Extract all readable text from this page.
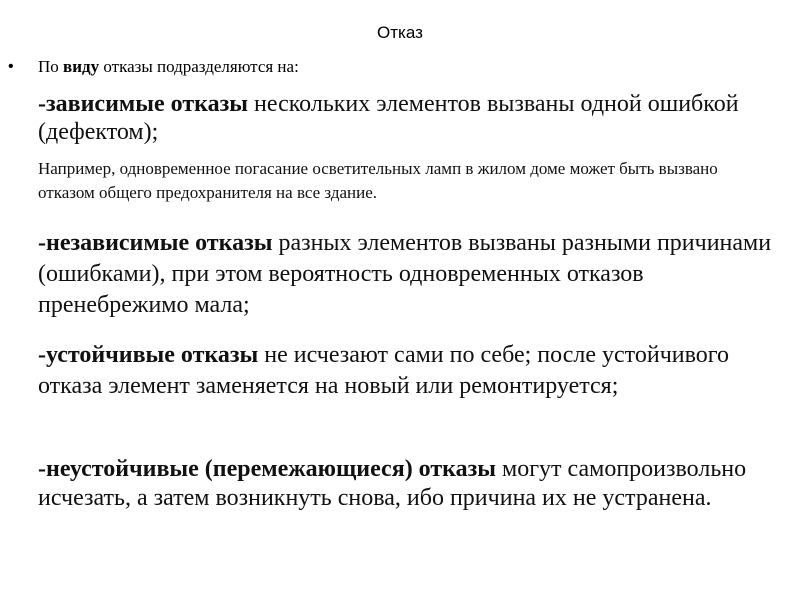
Отказ
• По виду отказы подразделяются на:
-зависимые отказы нескольких элементов вызваны одной ошибкой (дефектом);
Например, одновременное погасание осветительных ламп в жилом доме может быть вызвано отказом общего предохранителя на все здание.
-независимые отказы разных элементов вызваны разными причинами (ошибками), при этом вероятность одновременных отказов пренебрежимо мала;
-устойчивые отказы не исчезают сами по себе; после устойчивого отказа элемент заменяется на новый или ремонтируется;
-неустойчивые (перемежающиеся) отказы могут самопроизвольно исчезать, а затем возникнуть снова, ибо причина их не устранена.
